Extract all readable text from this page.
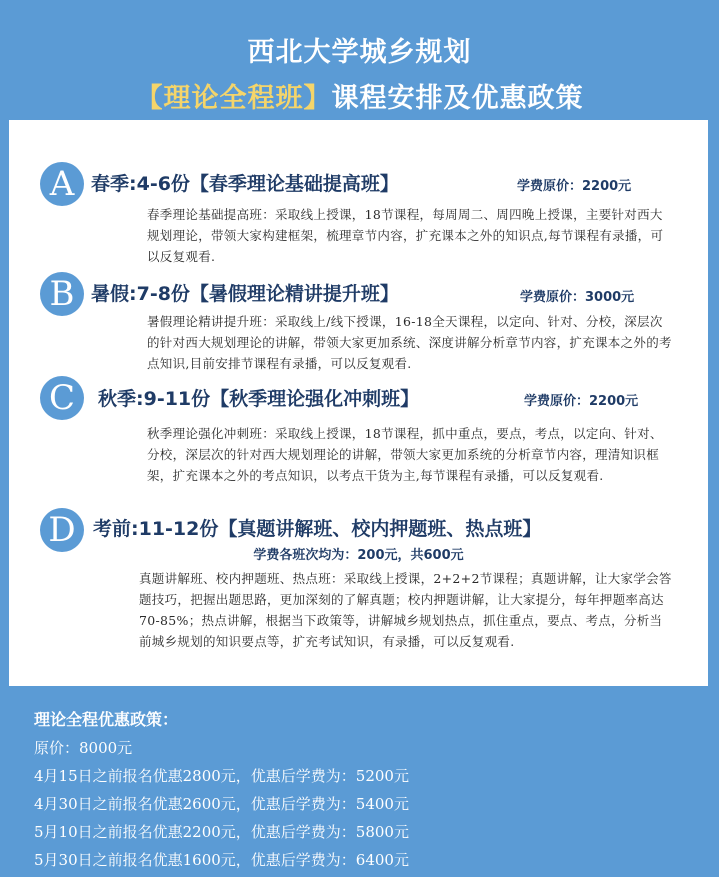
西北大学城乡规划
【理论全程班】课程安排及优惠政策
A 春季:4-6份【春季理论基础提高班】	学费原价：2200元
春季理论基础提高班：采取线上授课，18节课程，每周周二、周四晚上授课，主要针对西大规划理论，带领大家构建框架，梳理章节内容，扩充课本之外的知识点,每节课程有录播，可以反复观看.
B 暑假:7-8份【暑假理论精讲提升班】	学费原价：3000元
暑假理论精讲提升班：采取线上/线下授课，16-18全天课程，以定向、针对、分校，深层次的针对西大规划理论的讲解，带领大家更加系统、深度讲解分析章节内容，扩充课本之外的考点知识,目前安排节课程有录播，可以反复观看.
C	秋季:9-11份【秋季理论强化冲刺班】	学费原价：2200元
秋季理论强化冲刺班：采取线上授课，18节课程，抓中重点，要点，考点，以定向、针对、分校，深层次的针对西大规划理论的讲解，带领大家更加系统的分析章节内容，理清知识框架，扩充课本之外的考点知识，以考点干货为主,每节课程有录播，可以反复观看.
D 考前:11-12份【真题讲解班、校内押题班、热点班】
学费各班次均为：200元，共600元
真题讲解班、校内押题班、热点班：采取线上授课，2+2+2节课程；真题讲解，让大家学会答题技巧，把握出题思路，更加深刻的了解真题；校内押题讲解，让大家提分，每年押题率高达70-85%；热点讲解，根据当下政策等，讲解城乡规划热点，抓住重点，要点、考点，分析当前城乡规划的知识要点等，扩充考试知识，有录播，可以反复观看.
理论全程优惠政策：
原价：8000元
4月15日之前报名优惠2800元，优惠后学费为：5200元
4月30日之前报名优惠2600元，优惠后学费为：5400元
5月10日之前报名优惠2200元，优惠后学费为：5800元
5月30日之前报名优惠1600元，优惠后学费为：6400元
